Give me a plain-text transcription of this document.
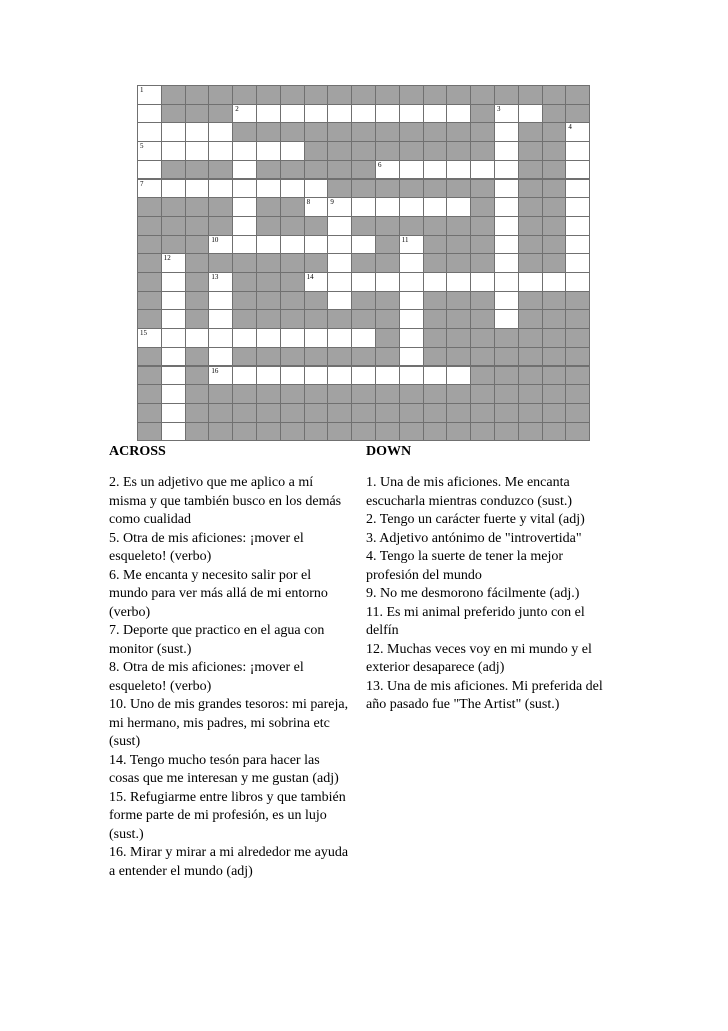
1
2	3
4
5
6
7
8	9
10	11
12
13	14
15
16
ACROSS	DOWN
2. Es un adjetivo que me aplico a mí
misma y que también busco en los demás
como cualidad
5. Otra de mis aficiones: ¡mover el
esqueleto! (verbo)
6. Me encanta y necesito salir por el
mundo para ver más allá de mi entorno
(verbo)
7. Deporte que practico en el agua con
monitor (sust.)
8. Otra de mis aficiones: ¡mover el
esqueleto! (verbo)
10. Uno de mis grandes tesoros: mi pareja,
mi hermano, mis padres, mi sobrina etc
(sust)
14. Tengo mucho tesón para hacer las
cosas que me interesan y me gustan (adj)
15. Refugiarme entre libros y que también
forme parte de mi profesión, es un lujo
(sust.)
16. Mirar y mirar a mi alrededor me ayuda
a entender el mundo (adj)
1. Una de mis aficiones. Me encanta
escucharla mientras conduzco (sust.)
2. Tengo un carácter fuerte y vital (adj)
3. Adjetivo antónimo de "introvertida"
4. Tengo la suerte de tener la mejor
profesión del mundo
9. No me desmorono fácilmente (adj.)
11. Es mi animal preferido junto con el
delfín
12. Muchas veces voy en mi mundo y el
exterior desaparece (adj)
13. Una de mis aficiones. Mi preferida del
año pasado fue "The Artist" (sust.)
